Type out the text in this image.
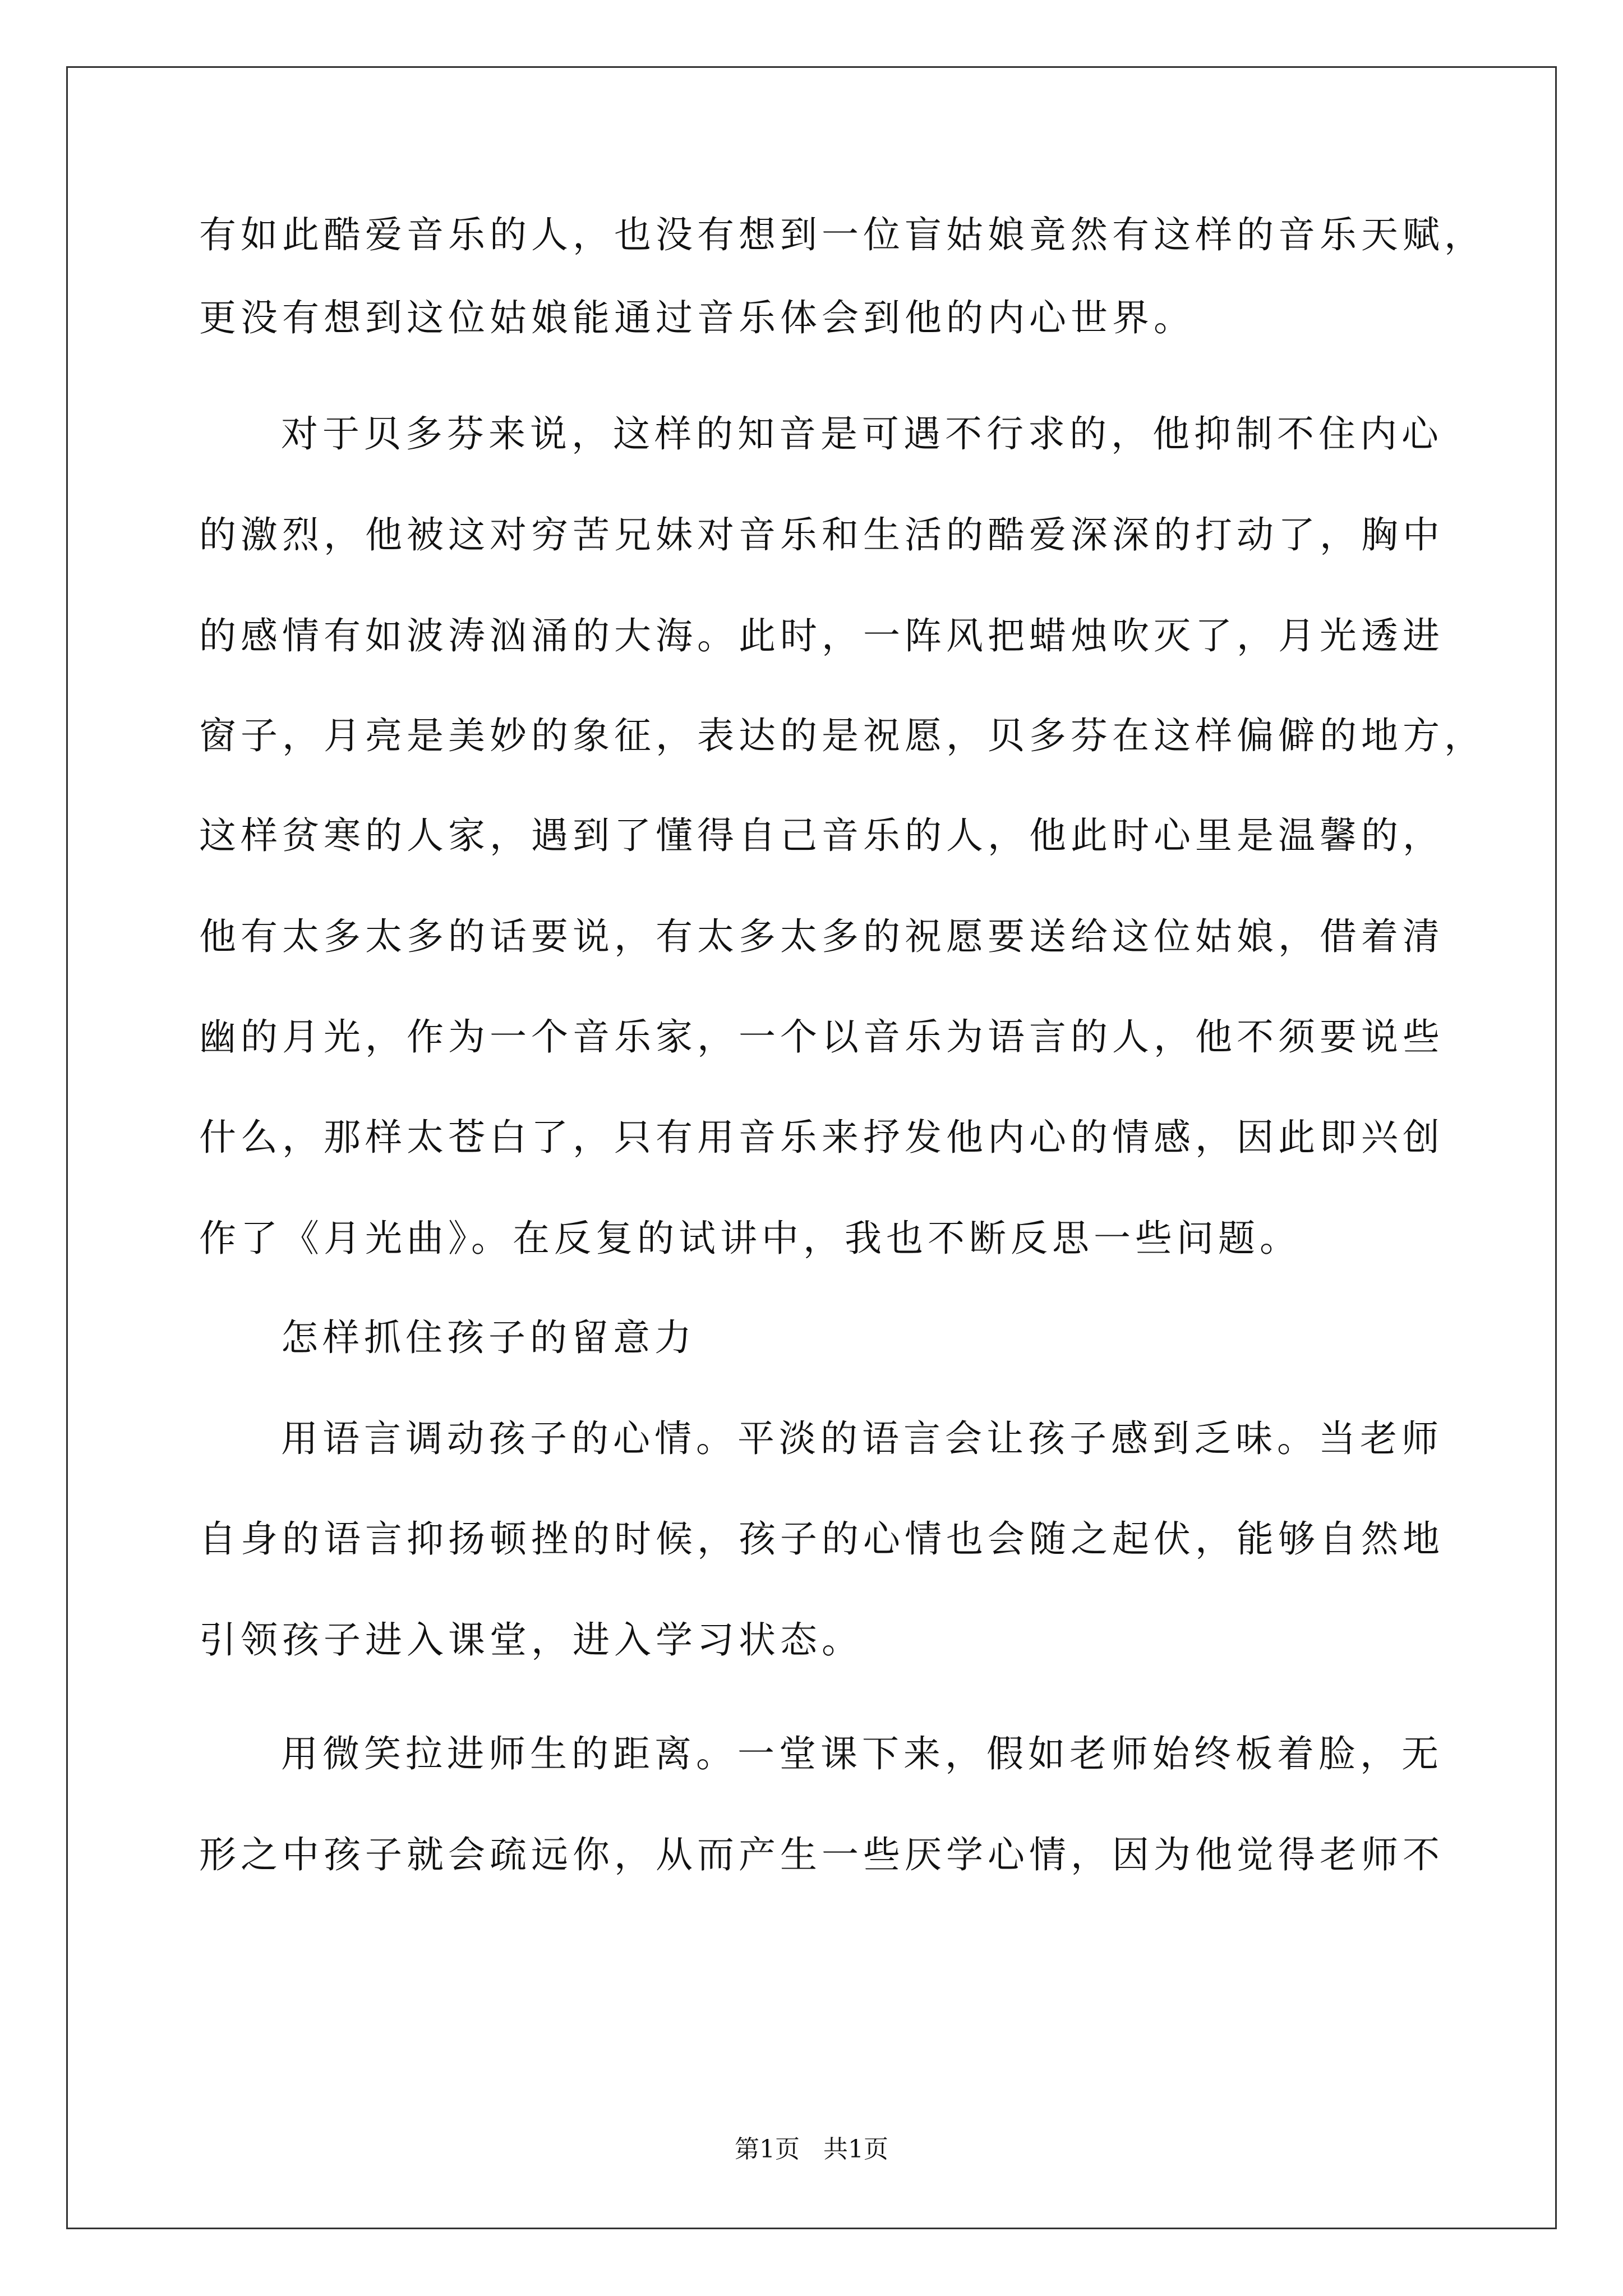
有如此酷爱音乐的人，也没有想到一位盲姑娘竟然有这样的音乐天赋，
更没有想到这位姑娘能通过音乐体会到他的内心世界。
对于贝多芬来说，这样的知音是可遇不行求的，他抑制不住内心
的激烈，他被这对穷苦兄妹对音乐和生活的酷爱深深的打动了，胸中
的感情有如波涛汹涌的大海。此时，一阵风把蜡烛吹灭了，月光透进
窗子，月亮是美妙的象征，表达的是祝愿，贝多芬在这样偏僻的地方，
这样贫寒的人家，遇到了懂得自己音乐的人，他此时心里是温馨的，
他有太多太多的话要说，有太多太多的祝愿要送给这位姑娘，借着清
幽的月光，作为一个音乐家，一个以音乐为语言的人，他不须要说些
什么，那样太苍白了，只有用音乐来抒发他内心的情感，因此即兴创
作了《月光曲》。在反复的试讲中，我也不断反思一些问题。
怎样抓住孩子的留意力
用语言调动孩子的心情。平淡的语言会让孩子感到乏味。当老师
自身的语言抑扬顿挫的时候，孩子的心情也会随之起伏，能够自然地
引领孩子进入课堂，进入学习状态。
用微笑拉进师生的距离。一堂课下来，假如老师始终板着脸，无
形之中孩子就会疏远你，从而产生一些厌学心情，因为他觉得老师不
第1页   共1页
